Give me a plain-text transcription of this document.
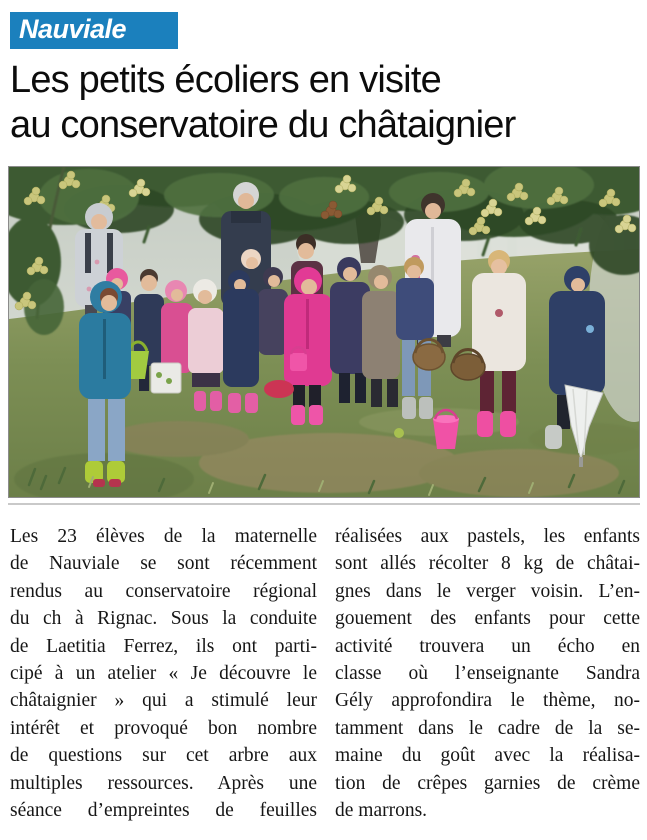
Nauviale
Les petits écoliers en visite
au conservatoire du châtaignier
Les 23 élèves de la maternelle
de Nauviale se sont récemment
rendus au conservatoire régional
du ch à Rignac. Sous la conduite
de Laetitia Ferrez, ils ont parti-
cipé à un atelier « Je découvre le
châtaignier » qui a stimulé leur
intérêt et provoqué bon nombre
de questions sur cet arbre aux
multiples ressources. Après une
séance d’empreintes de feuilles
réalisées aux pastels, les enfants
sont allés récolter 8 kg de châtai-
gnes dans le verger voisin. L’en-
gouement des enfants pour cette
activité trouvera un écho en
classe où l’enseignante Sandra
Gély approfondira le thème, no-
tamment dans le cadre de la se-
maine du goût avec la réalisa-
tion de crêpes garnies de crème
de marrons.
